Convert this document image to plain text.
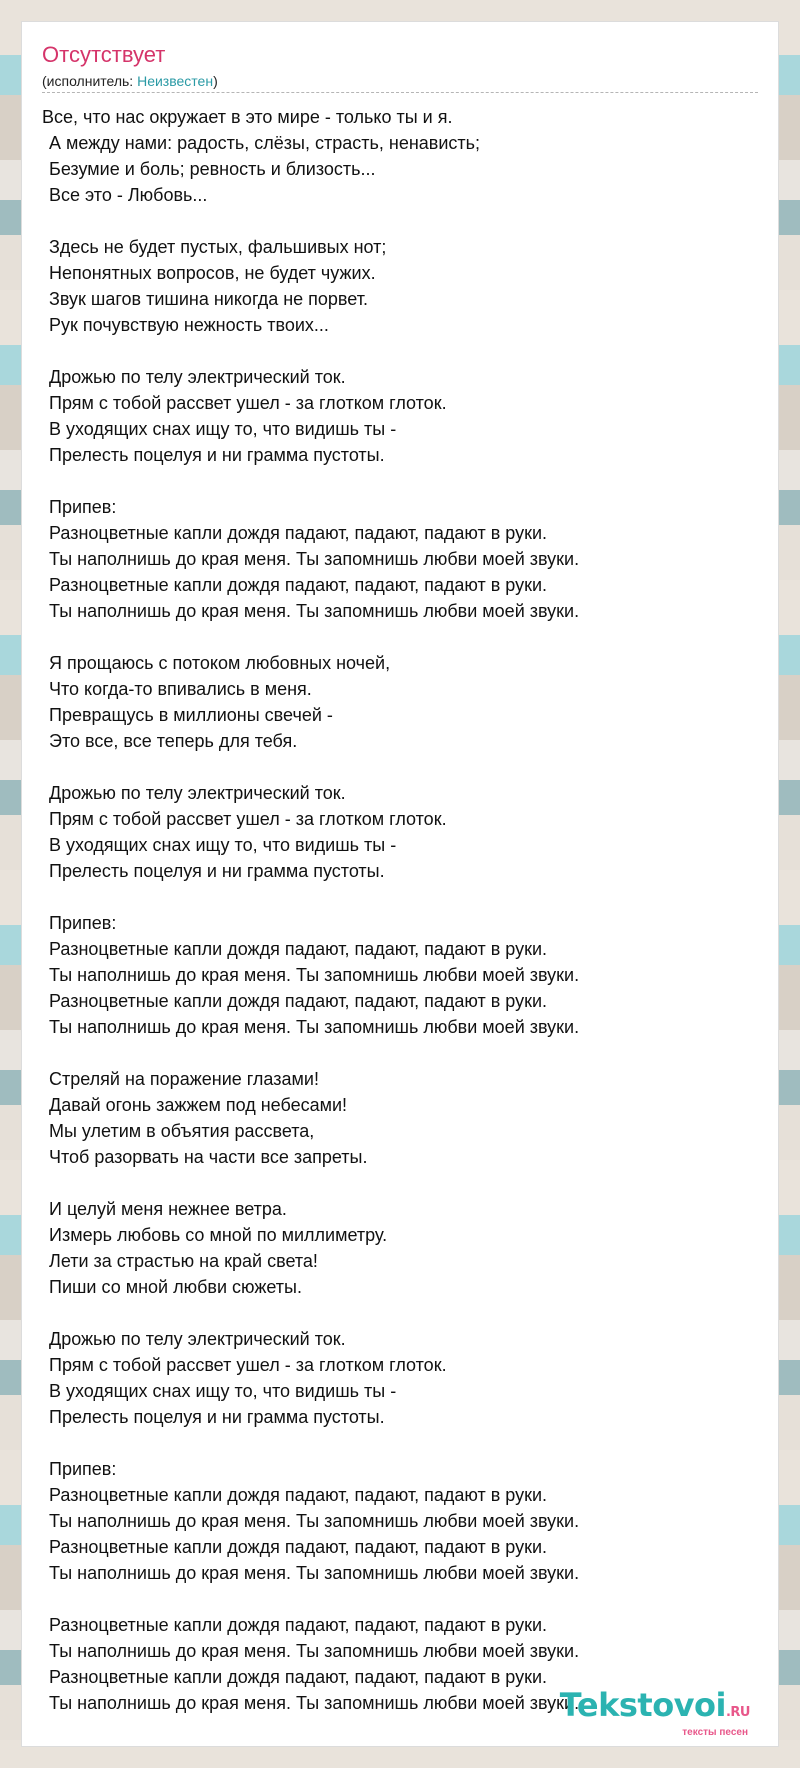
Отсутствует
(исполнитель: Неизвестен)
Все, что нас окружает в это мире - только ты и я.
А между нами: радость, слёзы, страсть, ненависть;
Безумие и боль; ревность и близость...
Все это - Любовь...
Здесь не будет пустых, фальшивых нот;
Непонятных вопросов, не будет чужих.
Звук шагов тишина никогда не порвет.
Рук почувствую нежность твоих...
Дрожью по телу электрический ток.
Прям с тобой рассвет ушел - за глотком глоток.
В уходящих снах ищу то, что видишь ты -
Прелесть поцелуя и ни грамма пустоты.
Припев:
Разноцветные капли дождя падают, падают, падают в руки.
Ты наполнишь до края меня. Ты запомнишь любви моей звуки.
Разноцветные капли дождя падают, падают, падают в руки.
Ты наполнишь до края меня. Ты запомнишь любви моей звуки.
Я прощаюсь с потоком любовных ночей,
Что когда-то впивались в меня.
Превращусь в миллионы свечей -
Это все, все теперь для тебя.
Дрожью по телу электрический ток.
Прям с тобой рассвет ушел - за глотком глоток.
В уходящих снах ищу то, что видишь ты -
Прелесть поцелуя и ни грамма пустоты.
Припев:
Разноцветные капли дождя падают, падают, падают в руки.
Ты наполнишь до края меня. Ты запомнишь любви моей звуки.
Разноцветные капли дождя падают, падают, падают в руки.
Ты наполнишь до края меня. Ты запомнишь любви моей звуки.
Стреляй на поражение глазами!
Давай огонь зажжем под небесами!
Мы улетим в объятия рассвета,
Чтоб разорвать на части все запреты.
И целуй меня нежнее ветра.
Измерь любовь со мной по миллиметру.
Лети за страстью на край света!
Пиши со мной любви сюжеты.
Дрожью по телу электрический ток.
Прям с тобой рассвет ушел - за глотком глоток.
В уходящих снах ищу то, что видишь ты -
Прелесть поцелуя и ни грамма пустоты.
Припев:
Разноцветные капли дождя падают, падают, падают в руки.
Ты наполнишь до края меня. Ты запомнишь любви моей звуки.
Разноцветные капли дождя падают, падают, падают в руки.
Ты наполнишь до края меня. Ты запомнишь любви моей звуки.
Разноцветные капли дождя падают, падают, падают в руки.
Ты наполнишь до края меня. Ты запомнишь любви моей звуки.
Разноцветные капли дождя падают, падают, падают в руки.
Ты наполнишь до края меня. Ты запомнишь любви моей звуки.
Tekstovoi.RU
тексты песен
